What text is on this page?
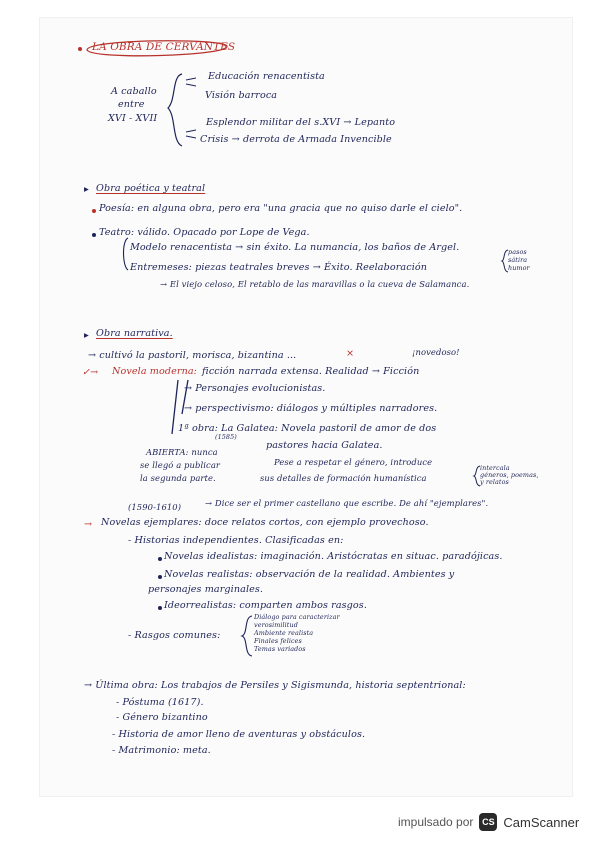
LA OBRA DE CERVANTES
A caballo
entre
XVI - XVII
Educación renacentista
Visión barroca
Esplendor militar del s.XVI → Lepanto
Crisis → derrota de Armada Invencible
▸ Obra poética y teatral
Poesía: en alguna obra, pero era "una gracia que no quiso darle el cielo".
Teatro: válido. Opacado por Lope de Vega.
Modelo renacentista → sin éxito. La numancia, los baños de Argel.
Entremeses: piezas teatrales breves → Éxito. Reelaboración
pasos
sátira
humor
→ El viejo celoso, El retablo de las maravillas o la cueva de Salamanca.
▸ Obra narrativa.
→ cultivó la pastoril, morisca, bizantina ...	×	¡novedoso!
✓→ Novela moderna: ficción narrada extensa. Realidad → Ficción
→ Personajes evolucionistas.
→ perspectivismo: diálogos y múltiples narradores.
1ª obra: La Galatea: Novela pastoril de amor de dos
(1585)
pastores hacia Galatea.
ABIERTA: nunca
se llegó a publicar
la segunda parte.
Pese a respetar el género, introduce
sus detalles de formación humanística
intercala
géneros, poemas,
y relatos
(1590-1610)	→ Dice ser el primer castellano que escribe. De ahí "ejemplares".
→ Novelas ejemplares: doce relatos cortos, con ejemplo provechoso.
- Historias independientes. Clasificadas en:
Novelas idealistas: imaginación. Aristócratas en situac. paradójicas.
Novelas realistas: observación de la realidad. Ambientes y
personajes marginales.
Ideorrealistas: comparten ambos rasgos.
- Rasgos comunes:
Diálogo para caracterizar
verosimilitud
Ambiente realista
Finales felices
Temas variados
→ Última obra: Los trabajos de Persiles y Sigismunda, historia septentrional:
- Póstuma (1617).
- Género bizantino
- Historia de amor lleno de aventuras y obstáculos.
- Matrimonio: meta.
impulsado por CS CamScanner
